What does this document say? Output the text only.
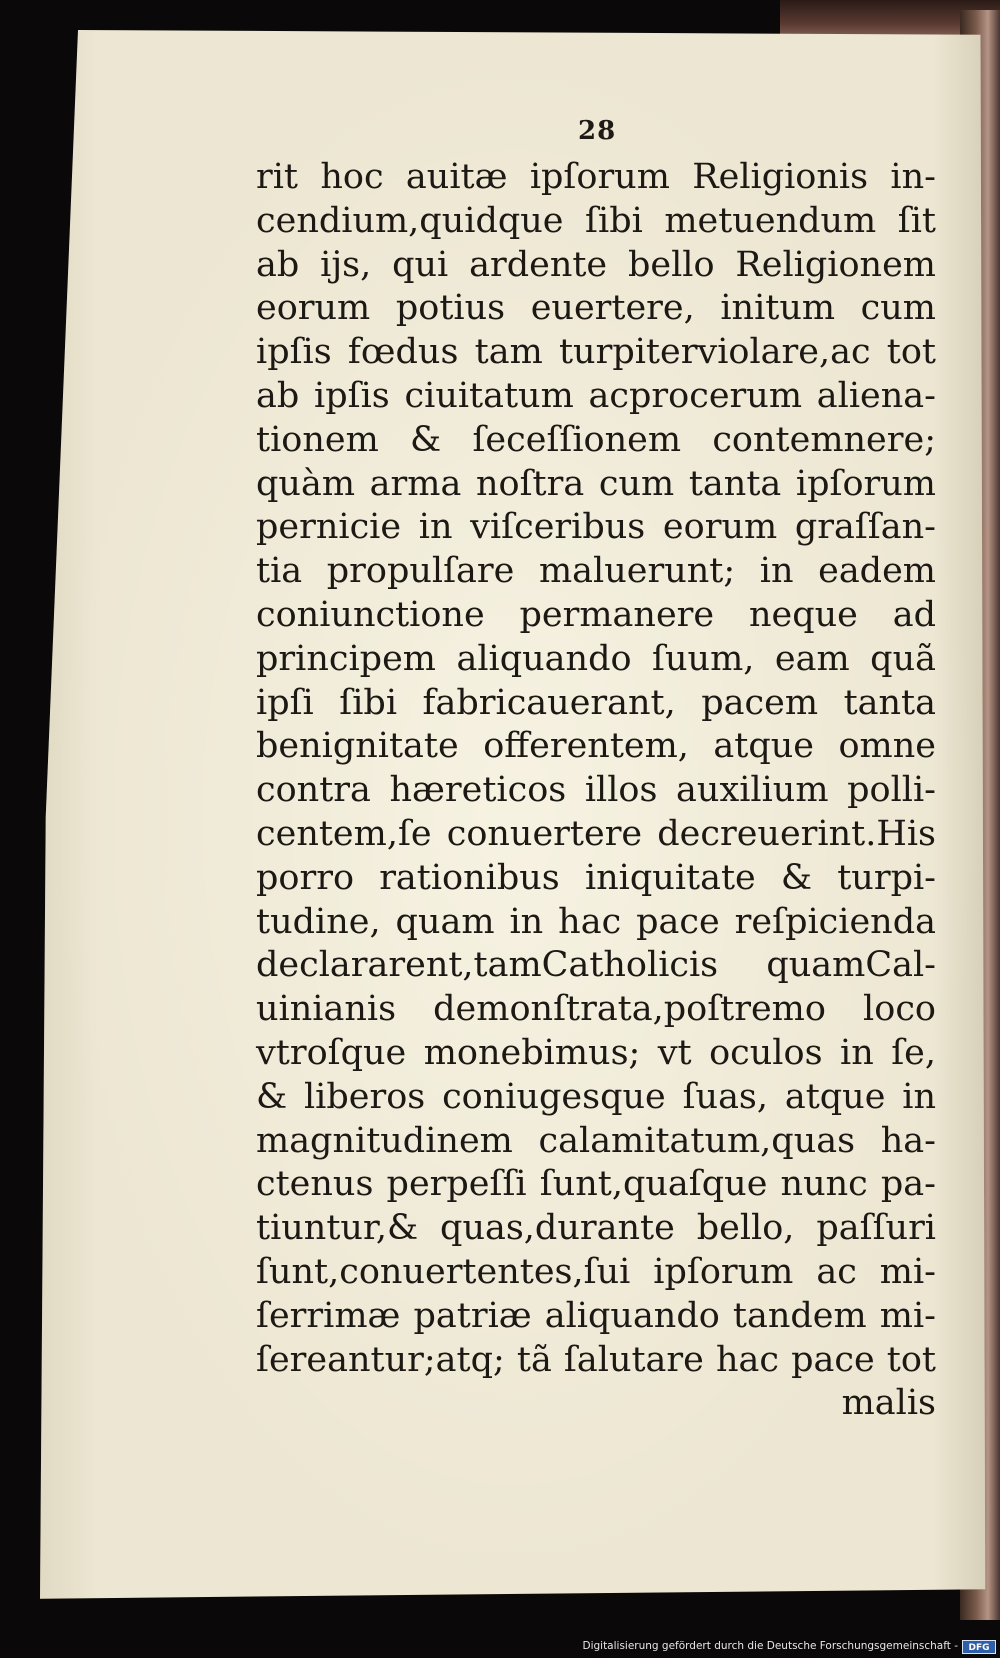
28
rit hoc auitæ ipſorum Religionis in-
cendium,quidque ſibi metuendum ſit
ab ijs, qui ardente bello Religionem
eorum potius euertere, initum cum
ipſis fœdus tam turpiterviolare,ac tot
ab ipſis ciuitatum acprocerum aliena-
tionem & ſeceſſionem contemnere;
quàm arma noſtra cum tanta ipſorum
pernicie in viſceribus eorum graſſan-
tia propulſare maluerunt; in eadem
coniunctione permanere neque ad
principem aliquando ſuum, eam quã
ipſi ſibi fabricauerant, pacem tanta
benignitate offerentem, atque omne
contra hæreticos illos auxilium polli-
centem,ſe conuertere decreuerint.His
porro rationibus iniquitate & turpi-
tudine, quam in hac pace reſpicienda
declararent,tamCatholicis quamCal-
uinianis demonſtrata,poſtremo loco
vtroſque monebimus; vt oculos in ſe,
& liberos coniugesque ſuas, atque in
magnitudinem calamitatum,quas ha-
ctenus perpeſſi ſunt,quaſque nunc pa-
tiuntur,& quas,durante bello, paſſuri
ſunt,conuertentes,ſui ipſorum ac mi-
ſerrimæ patriæ aliquando tandem mi-
ſereantur;atq; tã ſalutare hac pace tot
malis
Digitalisierung gefördert durch die Deutsche Forschungsgemeinschaft -	DFG
